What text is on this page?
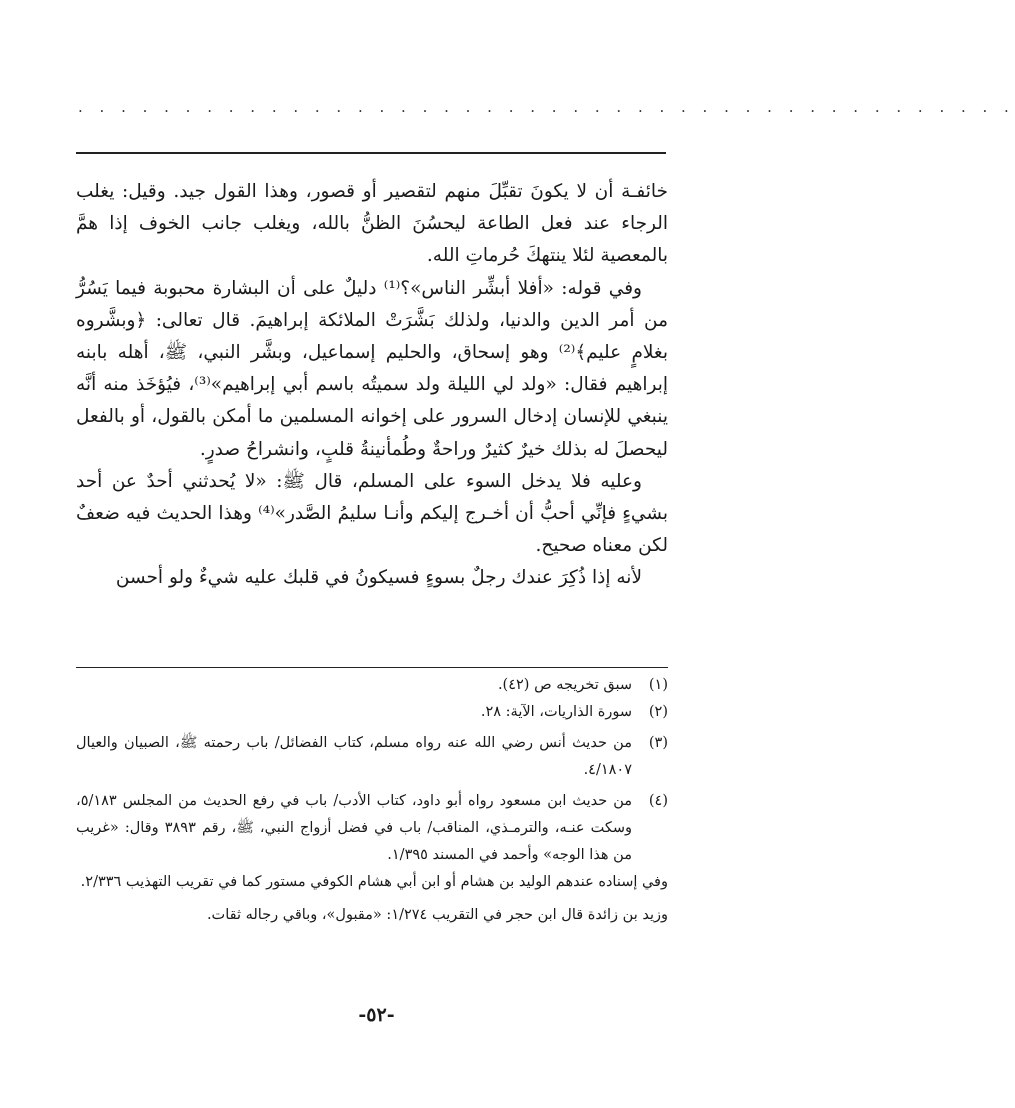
. . . . . . . . . . . . . . . . . . . . . . . . . . . . . . . . . . . . . . . . . . . .

خائفـة أن لا يكونَ تقبِّلَ منهم لتقصير أو قصور، وهذا القول جيد. وقيل: يغلب الرجاء عند فعل الطاعة ليحسُنَ الظنُّ بالله، ويغلب جانب الخوف إذا همَّ بالمعصية لئلا ينتهكَ حُرماتِ الله.

وفي قوله: «أفلا أبشِّر الناس»؟⁽¹⁾ دليلٌ على أن البشارة محبوبة فيما يَسُرُّ من أمر الدين والدنيا، ولذلك بَشَّرَتْ الملائكة إبراهيمَ. قال تعالى: ﴿وبشَّروه بغلامٍ عليم﴾⁽²⁾ وهو إسحاق، والحليم إسماعيل، وبشَّر النبي، ﷺ، أهله بابنه إبراهيم فقال: «ولد لي الليلة ولد سميتُه باسم أبي إبراهيم»⁽³⁾، فيُؤخَذ منه أنَّه ينبغي للإنسان إدخال السرور على إخوانه المسلمين ما أمكن بالقول، أو بالفعل ليحصلَ له بذلك خيرٌ كثيرٌ وراحةٌ وطُمأنينةُ قلبٍ، وانشراحُ صدرٍ.

وعليه فلا يدخل السوء على المسلم، قال ﷺ: «لا يُحدثني أحدٌ عن أحد بشيءٍ فإنِّي أحبُّ أن أخـرج إليكم وأنـا سليمُ الصَّدر»⁽⁴⁾ وهذا الحديث فيه ضعفٌ لكن معناه صحيح.

لأنه إذا ذُكِرَ عندك رجلٌ بسوءٍ فسيكونُ في قلبك عليه شيءٌ ولو أحسن

(١)
سبق تخريجه ص (٤٢).
(٢)
سورة الذاريات، الآية: ٢٨.
(٣)
من حديث أنس رضي الله عنه رواه مسلم، كتاب الفضائل/ باب رحمته ﷺ، الصبيان والعيال ٤/١٨٠٧.
(٤)
من حديث ابن مسعود رواه أبو داود، كتاب الأدب/ باب في رفع الحديث من المجلس ٥/١٨٣، وسكت عنـه، والترمـذي، المناقب/ باب في فضل أزواج النبي، ﷺ، رقم ٣٨٩٣ وقال: «غريب من هذا الوجه» وأحمد في المسند ١/٣٩٥.
وفي إسناده عندهم الوليد بن هشام أو ابن أبي هشام الكوفي مستور كما في تقريب التهذيب ٢/٣٣٦.
وزيد بن زائدة قال ابن حجر في التقريب ١/٢٧٤: «مقبول»، وباقي رجاله ثقات.
-٥٢-
